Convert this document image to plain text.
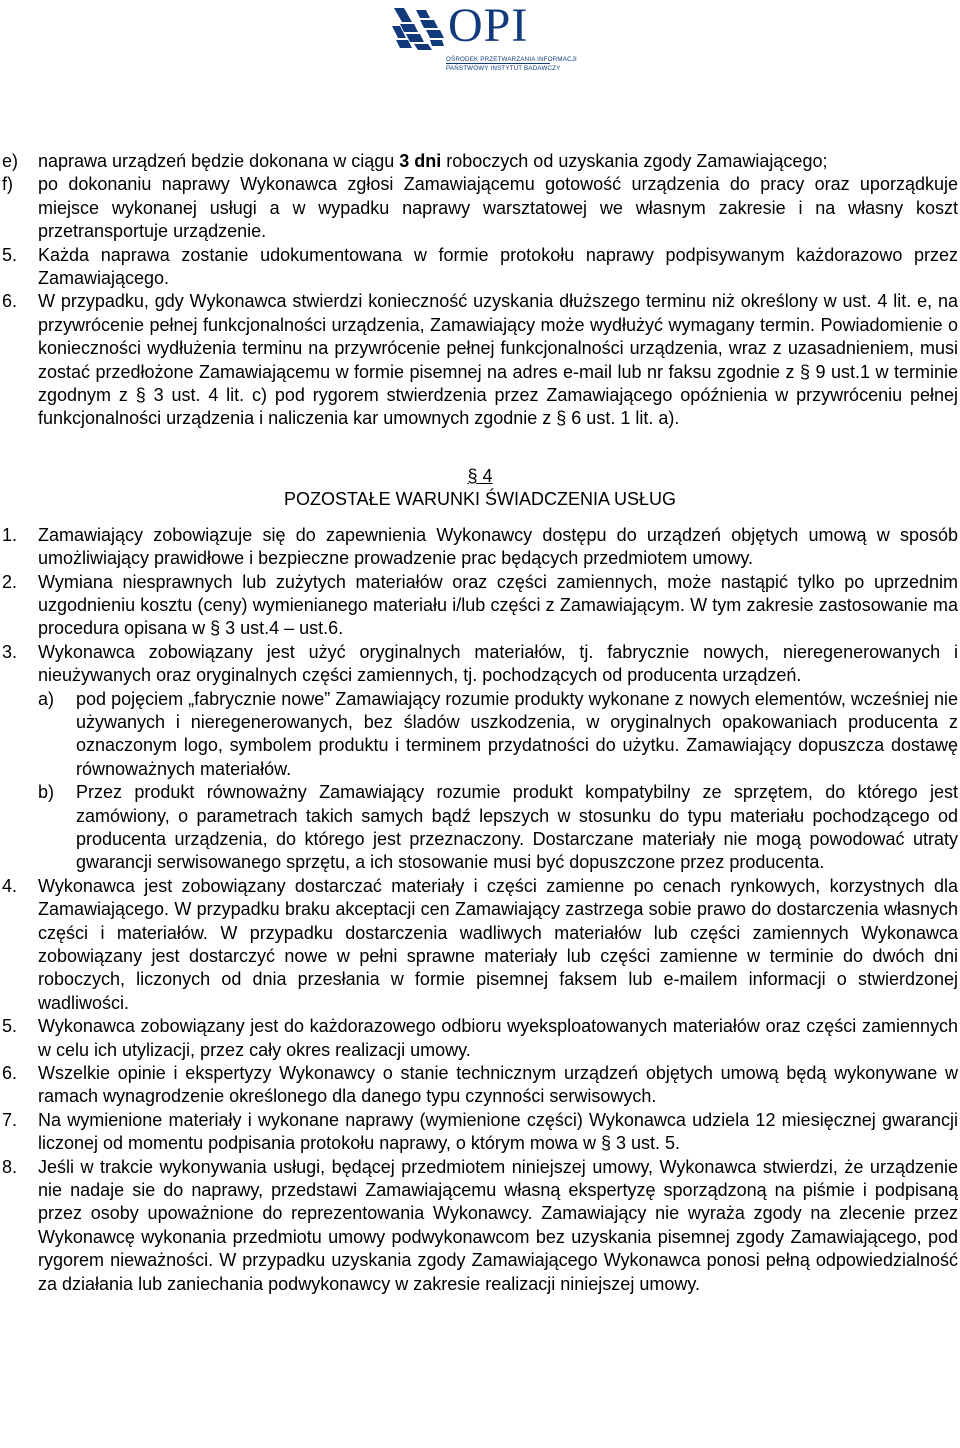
OPI
OŚRODEK PRZETWARZANIA INFORMACJI
PAŃSTWOWY INSTYTUT BADAWCZY

e) naprawa urządzeń będzie dokonana w ciągu 3 dni roboczych od uzyskania zgody Zamawiającego;

f) po dokonaniu naprawy Wykonawca zgłosi Zamawiającemu gotowość urządzenia do pracy oraz uporządkuje miejsce wykonanej usługi a w wypadku naprawy warsztatowej we własnym zakresie i na własny koszt przetransportuje urządzenie.

5. Każda naprawa zostanie udokumentowana w formie protokołu naprawy podpisywanym każdorazowo przez Zamawiającego.

6. W przypadku, gdy Wykonawca stwierdzi konieczność uzyskania dłuższego terminu niż określony w ust. 4 lit. e, na przywrócenie pełnej funkcjonalności urządzenia, Zamawiający może wydłużyć wymagany termin. Powiadomienie o konieczności wydłużenia terminu na przywrócenie pełnej funkcjonalności urządzenia, wraz z uzasadnieniem, musi zostać przedłożone Zamawiającemu w formie pisemnej na adres e-mail lub nr faksu zgodnie z § 9 ust.1 w terminie zgodnym z § 3 ust. 4 lit. c) pod rygorem stwierdzenia przez Zamawiającego opóźnienia w przywróceniu pełnej funkcjonalności urządzenia i naliczenia kar umownych zgodnie z § 6 ust. 1 lit. a).

§ 4

POZOSTAŁE WARUNKI ŚWIADCZENIA USŁUG

1. Zamawiający zobowiązuje się do zapewnienia Wykonawcy dostępu do urządzeń objętych umową w sposób umożliwiający prawidłowe i bezpieczne prowadzenie prac będących przedmiotem umowy.

2. Wymiana niesprawnych lub zużytych materiałów oraz części zamiennych, może nastąpić tylko po uprzednim uzgodnieniu kosztu (ceny) wymienianego materiału i/lub części z Zamawiającym. W tym zakresie zastosowanie ma procedura opisana w § 3 ust.4 – ust.6.

3. Wykonawca zobowiązany jest użyć oryginalnych materiałów, tj. fabrycznie nowych, nieregenerowanych i nieużywanych oraz oryginalnych części zamiennych, tj. pochodzących od producenta urządzeń.

a) pod pojęciem „fabrycznie nowe” Zamawiający rozumie produkty wykonane z nowych elementów, wcześniej nie używanych i nieregenerowanych, bez śladów uszkodzenia, w oryginalnych opakowaniach producenta z oznaczonym logo, symbolem produktu i terminem przydatności do użytku. Zamawiający dopuszcza dostawę równoważnych materiałów.

b) Przez produkt równoważny Zamawiający rozumie produkt kompatybilny ze sprzętem, do którego jest zamówiony, o parametrach takich samych bądź lepszych w stosunku do typu materiału pochodzącego od producenta urządzenia, do którego jest przeznaczony. Dostarczane materiały nie mogą powodować utraty gwarancji serwisowanego sprzętu, a ich stosowanie musi być dopuszczone przez producenta.

4. Wykonawca jest zobowiązany dostarczać materiały i części zamienne po cenach rynkowych, korzystnych dla Zamawiającego. W przypadku braku akceptacji cen Zamawiający zastrzega sobie prawo do dostarczenia własnych części i materiałów. W przypadku dostarczenia wadliwych materiałów lub części zamiennych Wykonawca zobowiązany jest dostarczyć nowe w pełni sprawne materiały lub części zamienne w terminie do dwóch dni roboczych, liczonych od dnia przesłania w formie pisemnej faksem lub e-mailem informacji o stwierdzonej wadliwości.

5. Wykonawca zobowiązany jest do każdorazowego odbioru wyeksploatowanych materiałów oraz części zamiennych w celu ich utylizacji, przez cały okres realizacji umowy.

6. Wszelkie opinie i ekspertyzy Wykonawcy o stanie technicznym urządzeń objętych umową będą wykonywane w ramach wynagrodzenie określonego dla danego typu czynności serwisowych.

7. Na wymienione materiały i wykonane naprawy (wymienione części) Wykonawca udziela 12 miesięcznej gwarancji liczonej od momentu podpisania protokołu naprawy, o którym mowa w § 3 ust. 5.

8. Jeśli w trakcie wykonywania usługi, będącej przedmiotem niniejszej umowy, Wykonawca stwierdzi, że urządzenie nie nadaje sie do naprawy, przedstawi Zamawiającemu własną ekspertyzę sporządzoną na piśmie i podpisaną przez osoby upoważnione do reprezentowania Wykonawcy. Zamawiający nie wyraża zgody na zlecenie przez Wykonawcę wykonania przedmiotu umowy podwykonawcom bez uzyskania pisemnej zgody Zamawiającego, pod rygorem nieważności. W przypadku uzyskania zgody Zamawiającego Wykonawca ponosi pełną odpowiedzialność za działania lub zaniechania podwykonawcy w zakresie realizacji niniejszej umowy.
